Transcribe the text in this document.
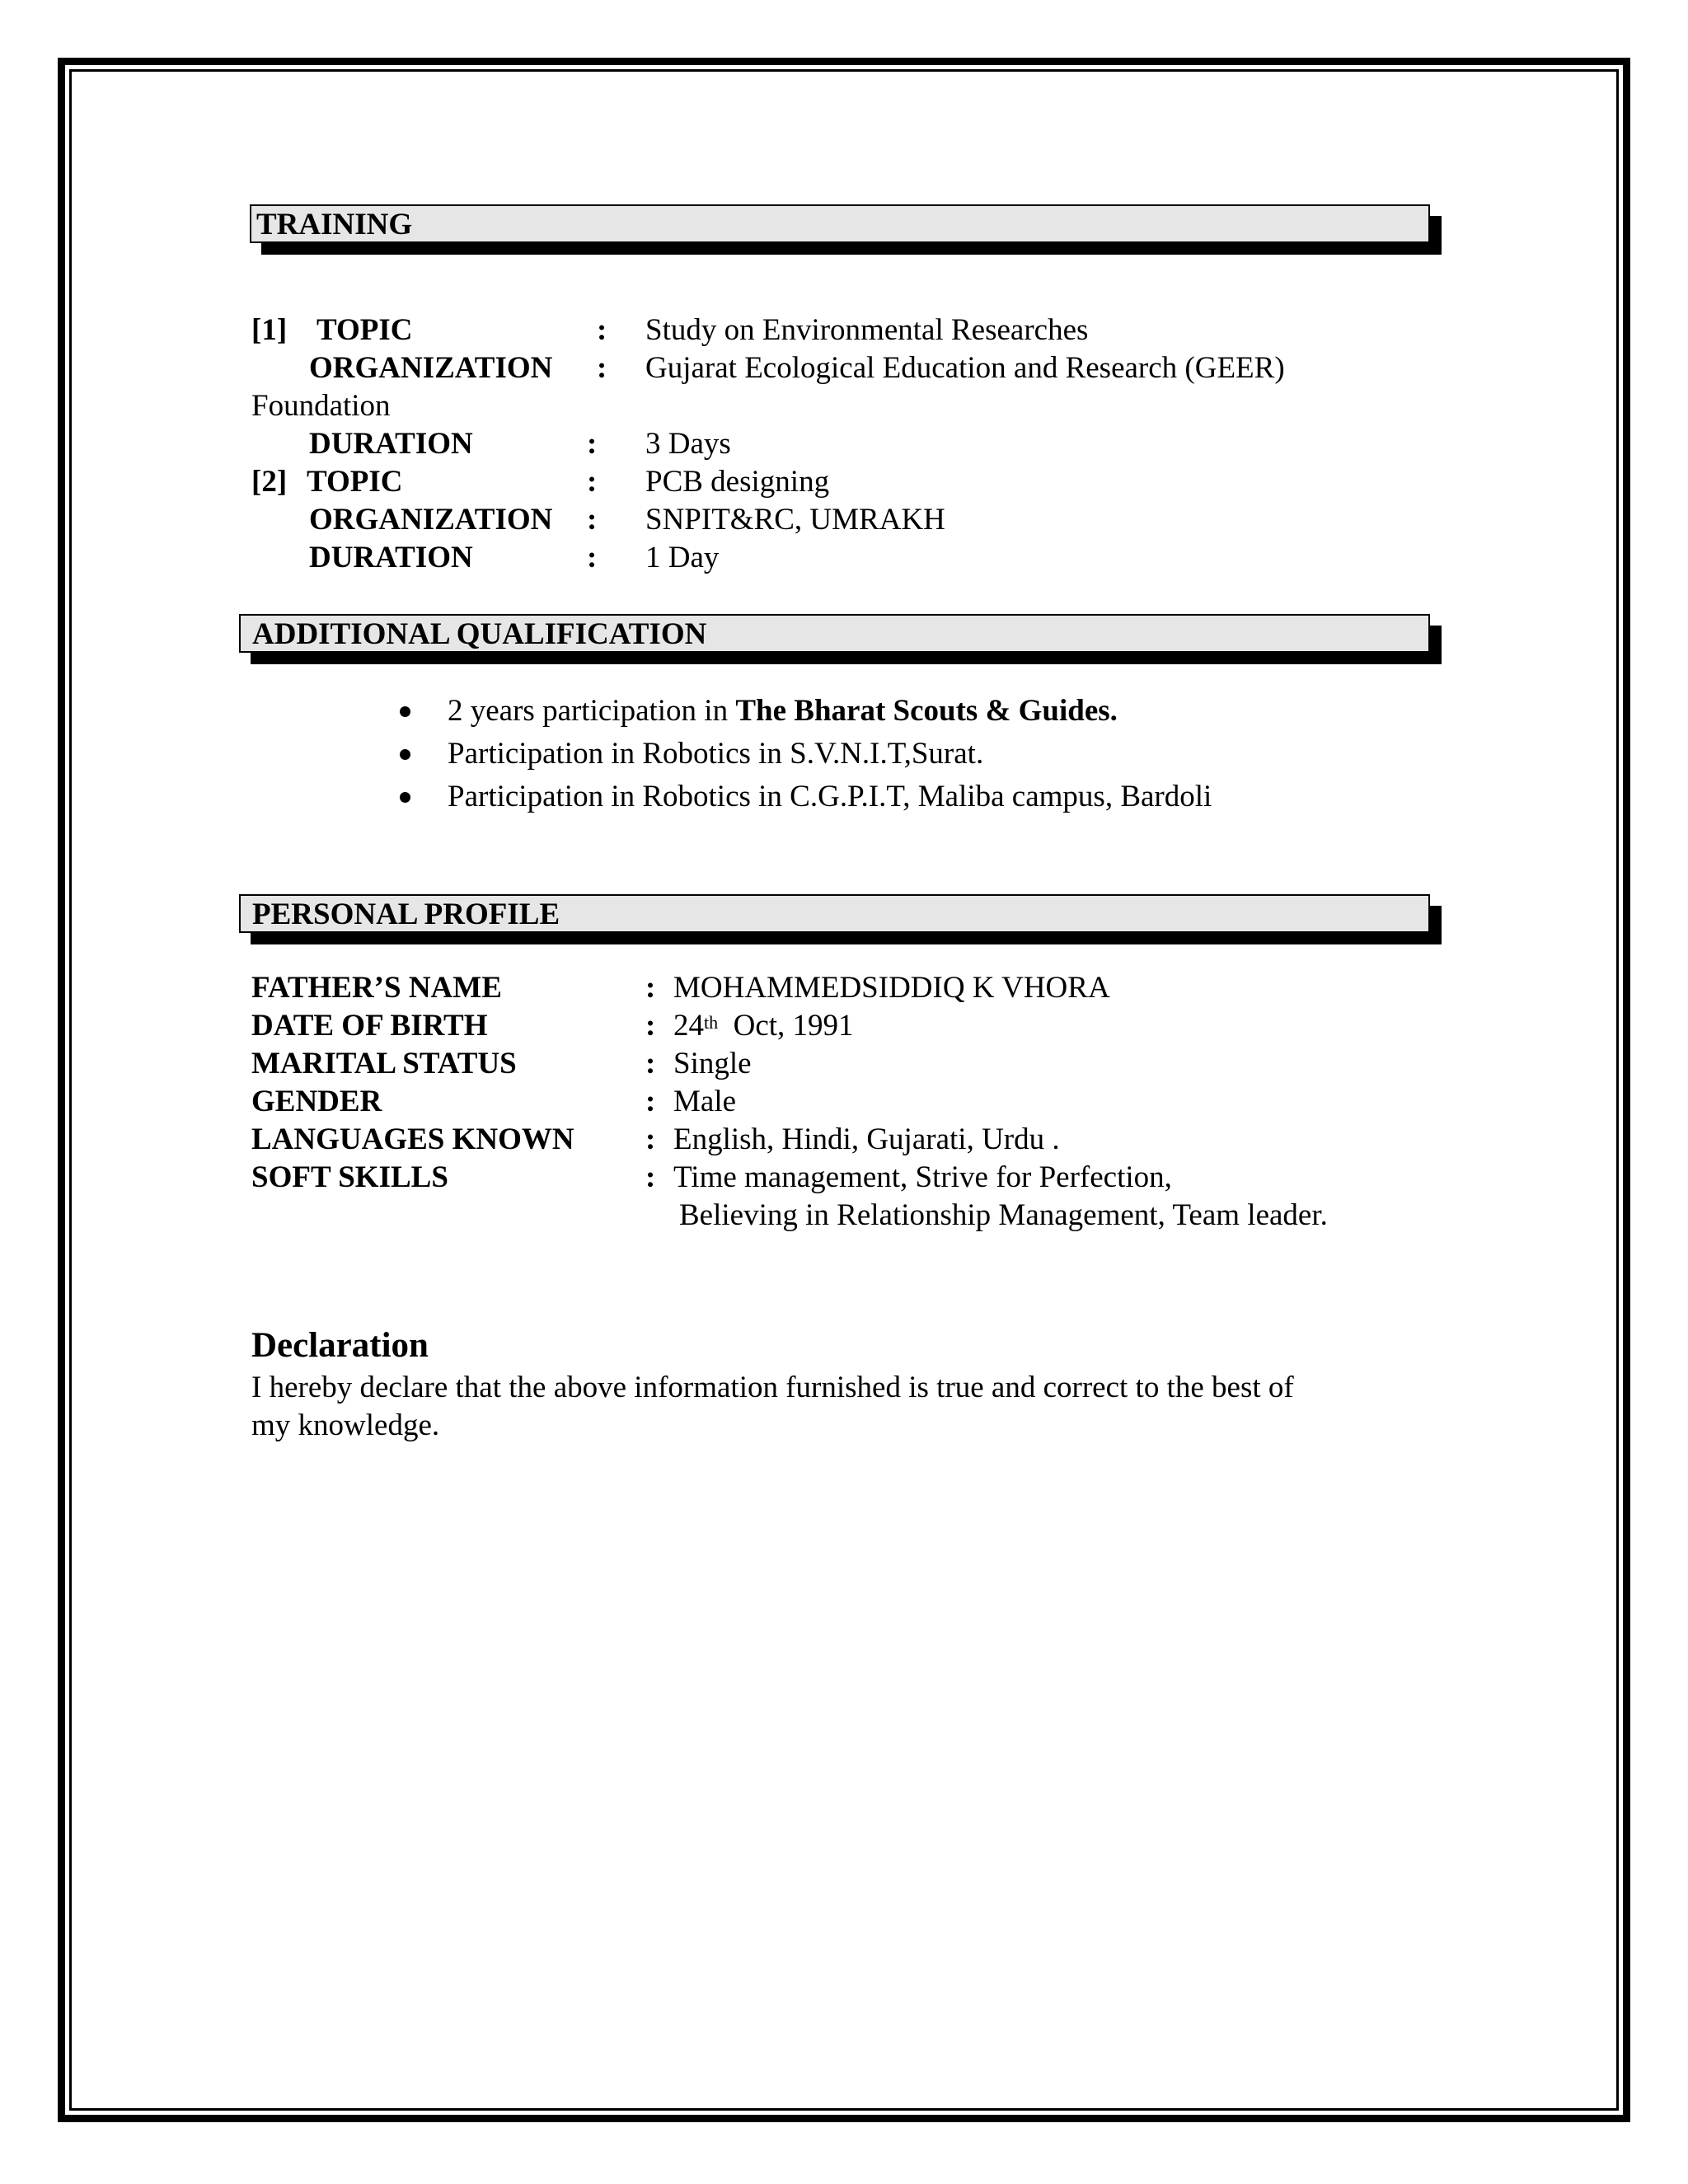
TRAINING
[1] TOPIC	: Study on Environmental Researches
ORGANIZATION : Gujarat Ecological Education and Research (GEER)
Foundation
DURATION	: 3 Days
[2] TOPIC	: PCB designing
ORGANIZATION : SNPIT&RC, UMRAKH
DURATION	: 1 Day
ADDITIONAL QUALIFICATION
2 years participation in The Bharat Scouts & Guides.
Participation in Robotics in S.V.N.I.T,Surat.
Participation in Robotics in C.G.P.I.T, Maliba campus, Bardoli
PERSONAL PROFILE
FATHER’S NAME	: MOHAMMEDSIDDIQ K VHORA
DATE OF BIRTH	: 24th Oct, 1991
MARITAL STATUS	: Single
GENDER	: Male
LANGUAGES KNOWN : English, Hindi, Gujarati, Urdu .
SOFT SKILLS	: Time management, Strive for Perfection,
Believing in Relationship Management, Team leader.
Declaration
I hereby declare that the above information furnished is true and correct to the best of
my knowledge.
